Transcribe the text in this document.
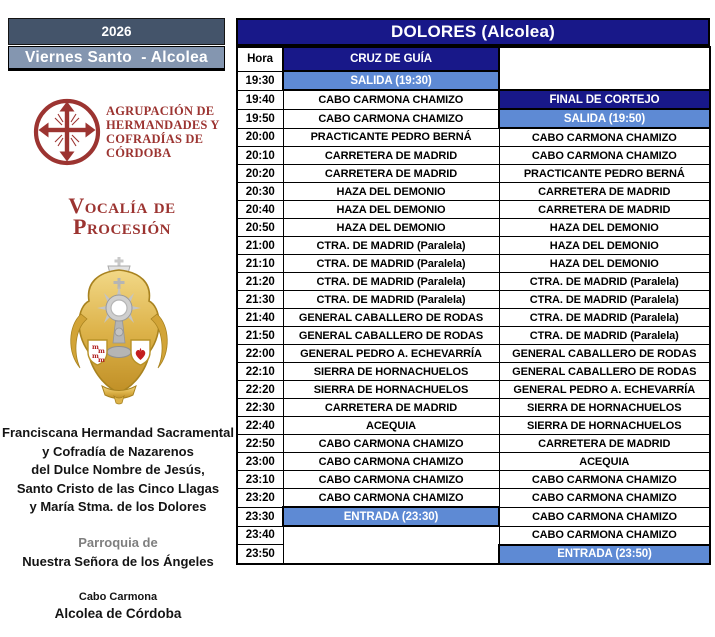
2026	DOLORES (Alcolea)
Viernes Santo  - Alcolea	Hora	CRUZ DE GUÍA	
19:30	SALIDA (19:30)	
19:40	CABO CARMONA CHAMIZO	FINAL DE CORTEJO
19:50	CABO CARMONA CHAMIZO	SALIDA (19:50)
20:00	PRACTICANTE PEDRO BERNÁ	CABO CARMONA CHAMIZO
20:10	CARRETERA DE MADRID	CABO CARMONA CHAMIZO
20:20	CARRETERA DE MADRID	PRACTICANTE PEDRO BERNÁ
20:30	HAZA DEL DEMONIO	CARRETERA DE MADRID
20:40	HAZA DEL DEMONIO	CARRETERA DE MADRID
20:50	HAZA DEL DEMONIO	HAZA DEL DEMONIO
21:00	CTRA. DE MADRID (Paralela)	HAZA DEL DEMONIO
21:10	CTRA. DE MADRID (Paralela)	HAZA DEL DEMONIO
21:20	CTRA. DE MADRID (Paralela)	CTRA. DE MADRID (Paralela)
21:30	CTRA. DE MADRID (Paralela)	CTRA. DE MADRID (Paralela)
21:40	GENERAL CABALLERO DE RODAS	CTRA. DE MADRID (Paralela)
21:50	GENERAL CABALLERO DE RODAS	CTRA. DE MADRID (Paralela)
22:00	GENERAL PEDRO A. ECHEVARRÍA	GENERAL CABALLERO DE RODAS
22:10	SIERRA DE HORNACHUELOS	GENERAL CABALLERO DE RODAS
22:20	SIERRA DE HORNACHUELOS	GENERAL PEDRO A. ECHEVARRÍA
22:30	CARRETERA DE MADRID	SIERRA DE HORNACHUELOS
22:40	ACEQUIA	SIERRA DE HORNACHUELOS
22:50	CABO CARMONA CHAMIZO	CARRETERA DE MADRID
23:00	CABO CARMONA CHAMIZO	ACEQUIA
23:10	CABO CARMONA CHAMIZO	CABO CARMONA CHAMIZO
23:20	CABO CARMONA CHAMIZO	CABO CARMONA CHAMIZO
23:30	ENTRADA (23:30)	CABO CARMONA CHAMIZO
23:40		CABO CARMONA CHAMIZO
23:50		ENTRADA (23:50)
AGRUPACIÓN DE
HERMANDADES Y
COFRADÍAS DE
CÓRDOBA
Vocalía de
Procesión
m m
m m
Franciscana Hermandad Sacramental
y Cofradía de Nazarenos
del Dulce Nombre de Jesús,
Santo Cristo de las Cinco Llagas
y María Stma. de los Dolores
Parroquia de
Nuestra Señora de los Ángeles
Cabo Carmona
Alcolea de Córdoba
